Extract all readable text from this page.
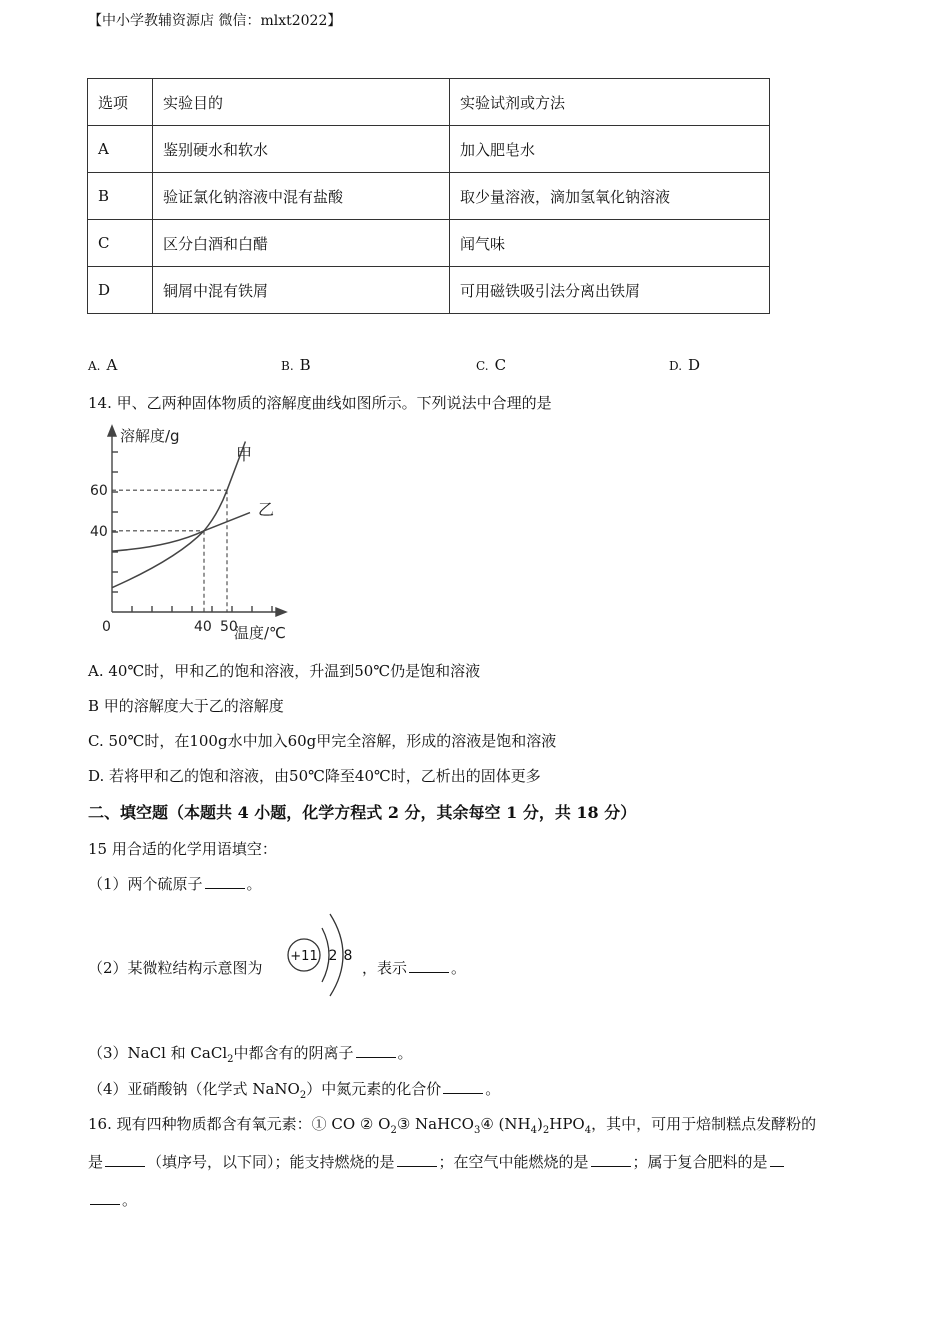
【中小学教辅资源店 微信：mlxt2022】
选项	实验目的	实验试剂或方法
A	鉴别硬水和软水	加入肥皂水
B	验证氯化钠溶液中混有盐酸	取少量溶液，滴加氢氧化钠溶液
C	区分白酒和白醋	闻气味
D	铜屑中混有铁屑	可用磁铁吸引法分离出铁屑
A. A	B. B	C. C	D. D
14. 甲、乙两种固体物质的溶解度曲线如图所示。下列说法中合理的是
溶解度/g
温度/℃
40
60
0	40 50
甲
乙
A. 40℃时，甲和乙的饱和溶液，升温到50℃仍是饱和溶液
B 甲的溶解度大于乙的溶解度
C. 50℃时，在100g水中加入60g甲完全溶解，形成的溶液是饱和溶液
D. 若将甲和乙的饱和溶液，由50℃降至40℃时，乙析出的固体更多
二、填空题（本题共 4 小题，化学方程式 2 分，其余每空 1 分，共 18 分）
15 用合适的化学用语填空：
（1）两个硫原子	。
（2）某微粒结构示意图为
+11 2 8
，表示	。
（3）NaCl 和 CaCl$_2$中都含有的阴离子	。
（4）亚硝酸钠（化学式 NaNO$_2$）中氮元素的化合价	。
16. 现有四种物质都含有氧元素：① CO ② $O_2③$ NaHCO$_3$④ $(NH_4)_2HPO_4$，其中，可用于焙制糕点发酵粉的
是	（填序号，以下同）；能支持燃烧的是	；在空气中能燃烧的是	；属于复合肥料的是
。
